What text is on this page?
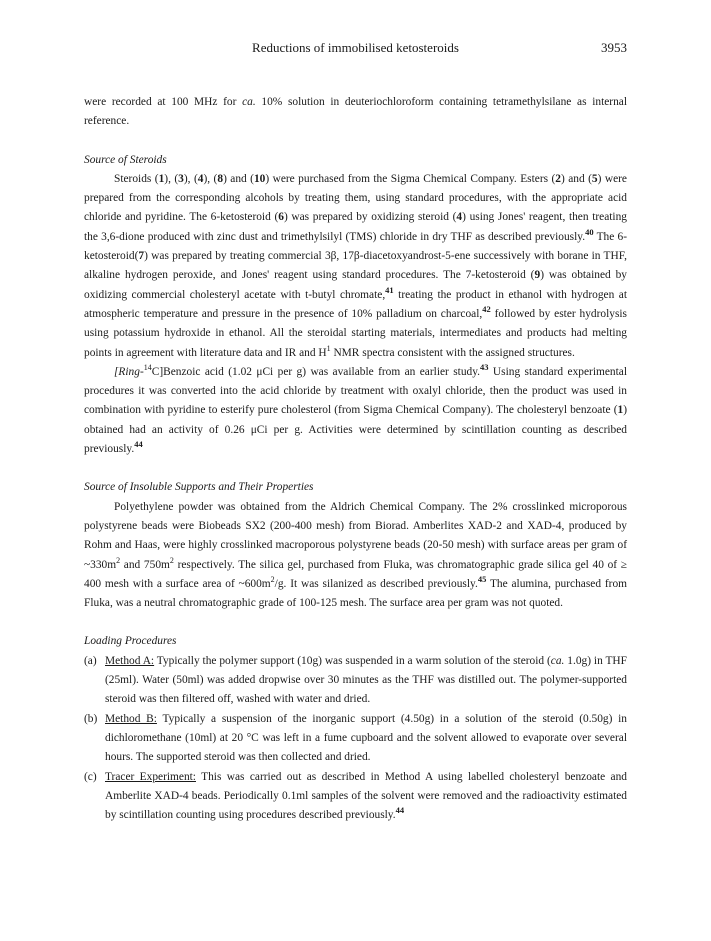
Reductions of immobilised ketosteroids	3953

were recorded at 100 MHz for ca. 10% solution in deuteriochloroform containing tetramethylsilane as internal reference.

Source of Steroids

Steroids (1), (3), (4), (8) and (10) were purchased from the Sigma Chemical Company. Esters (2) and (5) were prepared from the corresponding alcohols by treating them, using standard procedures, with the appropriate acid chloride and pyridine. The 6-ketosteroid (6) was prepared by oxidizing steroid (4) using Jones' reagent, then treating the 3,6-dione produced with zinc dust and trimethylsilyl (TMS) chloride in dry THF as described previously.$^{40}$ The 6-ketosteroid(7) was prepared by treating commercial 3β, 17β-diacetoxyandrost-5-ene successively with borane in THF, alkaline hydrogen peroxide, and Jones' reagent using standard procedures. The 7-ketosteroid (9) was obtained by oxidizing commercial cholesteryl acetate with t-butyl chromate,$^{41}$ treating the product in ethanol with hydrogen at atmospheric temperature and pressure in the presence of 10% palladium on charcoal,$^{42}$ followed by ester hydrolysis using potassium hydroxide in ethanol. All the steroidal starting materials, intermediates and products had melting points in agreement with literature data and IR and $H^1$ NMR spectra consistent with the assigned structures.

[Ring-$^{14}$C]Benzoic acid (1.02 μCi per g) was available from an earlier study.$^{43}$ Using standard experimental procedures it was converted into the acid chloride by treatment with oxalyl chloride, then the product was used in combination with pyridine to esterify pure cholesterol (from Sigma Chemical Company). The cholesteryl benzoate (1) obtained had an activity of 0.26 μCi per g. Activities were determined by scintillation counting as described previously.$^{44}$

Source of Insoluble Supports and Their Properties

Polyethylene powder was obtained from the Aldrich Chemical Company. The 2% crosslinked microporous polystyrene beads were Biobeads SX2 (200-400 mesh) from Biorad. Amberlites XAD-2 and XAD-4, produced by Rohm and Haas, were highly crosslinked macroporous polystyrene beads (20-50 mesh) with surface areas per gram of $\sim 330m^2$ and $750m^2$ respectively. The silica gel, purchased from Fluka, was chromatographic grade silica gel 40 of ≥ 400 mesh with a surface area of $\sim 600m^2/g$. It was silanized as described previously.$^{45}$ The alumina, purchased from Fluka, was a neutral chromatographic grade of 100-125 mesh. The surface area per gram was not quoted.

Loading Procedures

(a) Method A: Typically the polymer support (10g) was suspended in a warm solution of the steroid (ca. 1.0g) in THF (25ml). Water (50ml) was added dropwise over 30 minutes as the THF was distilled out. The polymer-supported steroid was then filtered off, washed with water and dried.
(b) Method B: Typically a suspension of the inorganic support (4.50g) in a solution of the steroid (0.50g) in dichloromethane (10ml) at 20 °C was left in a fume cupboard and the solvent allowed to evaporate over several hours. The supported steroid was then collected and dried.
(c) Tracer Experiment: This was carried out as described in Method A using labelled cholesteryl benzoate and Amberlite XAD-4 beads. Periodically 0.1ml samples of the solvent were removed and the radioactivity estimated by scintillation counting using procedures described previously.$^{44}$
